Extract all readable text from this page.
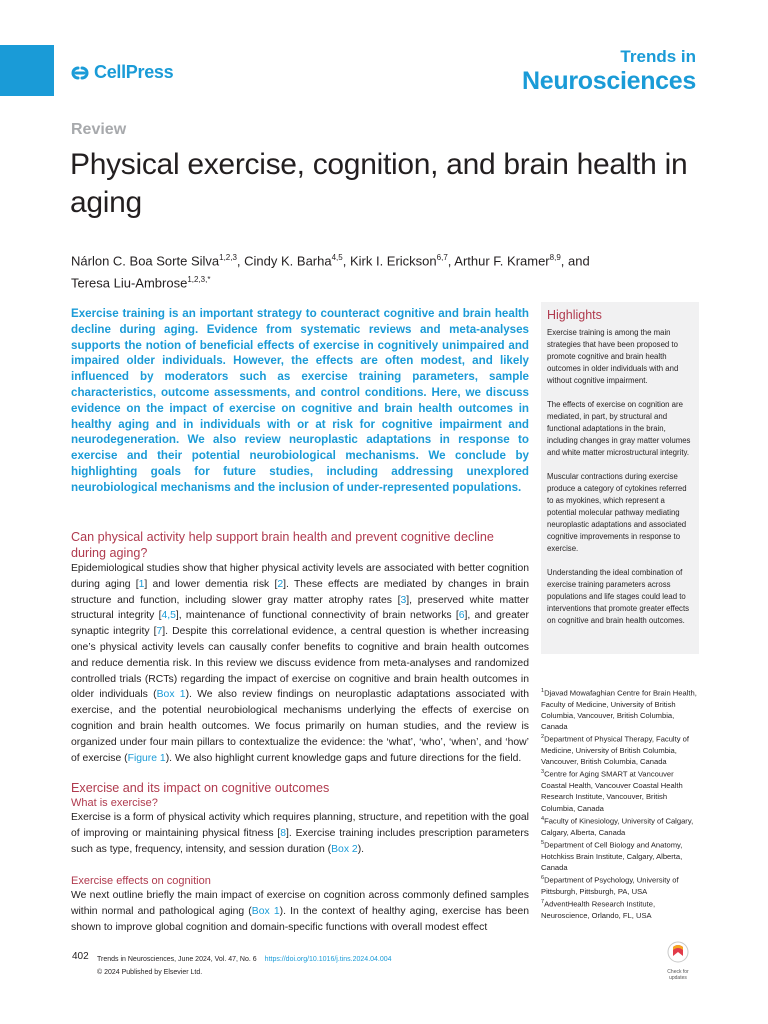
CellPress
Trends in
Neurosciences
Review
Physical exercise, cognition, and brain health in aging

Nárlon C. Boa Sorte Silva$^{1,2,3}$, Cindy K. Barha$^{4,5}$, Kirk I. Erickson$^{6,7}$, Arthur F. Kramer$^{8,9}$, and
Teresa Liu-Ambrose$^{1,2,3,*}$

Exercise training is an important strategy to counteract cognitive and brain health decline during aging. Evidence from systematic reviews and meta-analyses supports the notion of beneficial effects of exercise in cognitively unimpaired and impaired older individuals. However, the effects are often modest, and likely influenced by moderators such as exercise training parameters, sample characteristics, outcome assessments, and control conditions. Here, we discuss evidence on the impact of exercise on cognitive and brain health outcomes in healthy aging and in individuals with or at risk for cognitive impairment and neurodegeneration. We also review neuroplastic adaptations in response to exercise and their potential neurobiological mechanisms. We conclude by highlighting goals for future studies, including addressing unexplored neurobiological mechanisms and the inclusion of under-represented populations.

Can physical activity help support brain health and prevent cognitive decline during aging?

Epidemiological studies show that higher physical activity levels are associated with better cognition during aging [1] and lower dementia risk [2]. These effects are mediated by changes in brain structure and function, including slower gray matter atrophy rates [3], preserved white matter structural integrity [4,5], maintenance of functional connectivity of brain networks [6], and greater synaptic integrity [7]. Despite this correlational evidence, a central question is whether increasing one’s physical activity levels can causally confer benefits to cognitive and brain health outcomes and reduce dementia risk. In this review we discuss evidence from meta-analyses and randomized controlled trials (RCTs) regarding the impact of exercise on cognitive and brain health outcomes in older individuals (Box 1). We also review findings on neuroplastic adaptations associated with exercise, and the potential neurobiological mechanisms underlying the effects of exercise on cognition and brain health outcomes. We focus primarily on human studies, and the review is organized under four main pillars to contextualize the evidence: the ‘what’, ‘who’, ‘when’, and ‘how’ of exercise (Figure 1). We also highlight current knowledge gaps and future directions for the field.

Exercise and its impact on cognitive outcomes
What is exercise?

Exercise is a form of physical activity which requires planning, structure, and repetition with the goal of improving or maintaining physical fitness [8]. Exercise training includes prescription parameters such as type, frequency, intensity, and session duration (Box 2).

Exercise effects on cognition

We next outline briefly the main impact of exercise on cognition across commonly defined samples within normal and pathological aging (Box 1). In the context of healthy aging, exercise has been shown to improve global cognition and domain-specific functions with overall modest effect

Highlights

Exercise training is among the main strategies that have been proposed to promote cognitive and brain health outcomes in older individuals with and without cognitive impairment.

The effects of exercise on cognition are mediated, in part, by structural and functional adaptations in the brain, including changes in gray matter volumes and white matter microstructural integrity.

Muscular contractions during exercise produce a category of cytokines referred to as myokines, which represent a potential molecular pathway mediating neuroplastic adaptations and associated cognitive improvements in response to exercise.

Understanding the ideal combination of exercise training parameters across populations and life stages could lead to interventions that promote greater effects on cognitive and brain health outcomes.

$^1$Djavad Mowafaghian Centre for Brain Health, Faculty of Medicine, University of British Columbia, Vancouver, British Columbia, Canada
$^2$Department of Physical Therapy, Faculty of Medicine, University of British Columbia, Vancouver, British Columbia, Canada
$^3$Centre for Aging SMART at Vancouver Coastal Health, Vancouver Coastal Health Research Institute, Vancouver, British Columbia, Canada
$^4$Faculty of Kinesiology, University of Calgary, Calgary, Alberta, Canada
$^5$Department of Cell Biology and Anatomy, Hotchkiss Brain Institute, Calgary, Alberta, Canada
$^6$Department of Psychology, University of Pittsburgh, Pittsburgh, PA, USA
$^7$AdventHealth Research Institute, Neuroscience, Orlando, FL, USA
402 Trends in Neurosciences, June 2024, Vol. 47, No. 6 https://doi.org/10.1016/j.tins.2024.04.004
© 2024 Published by Elsevier Ltd.	Check for
updates
